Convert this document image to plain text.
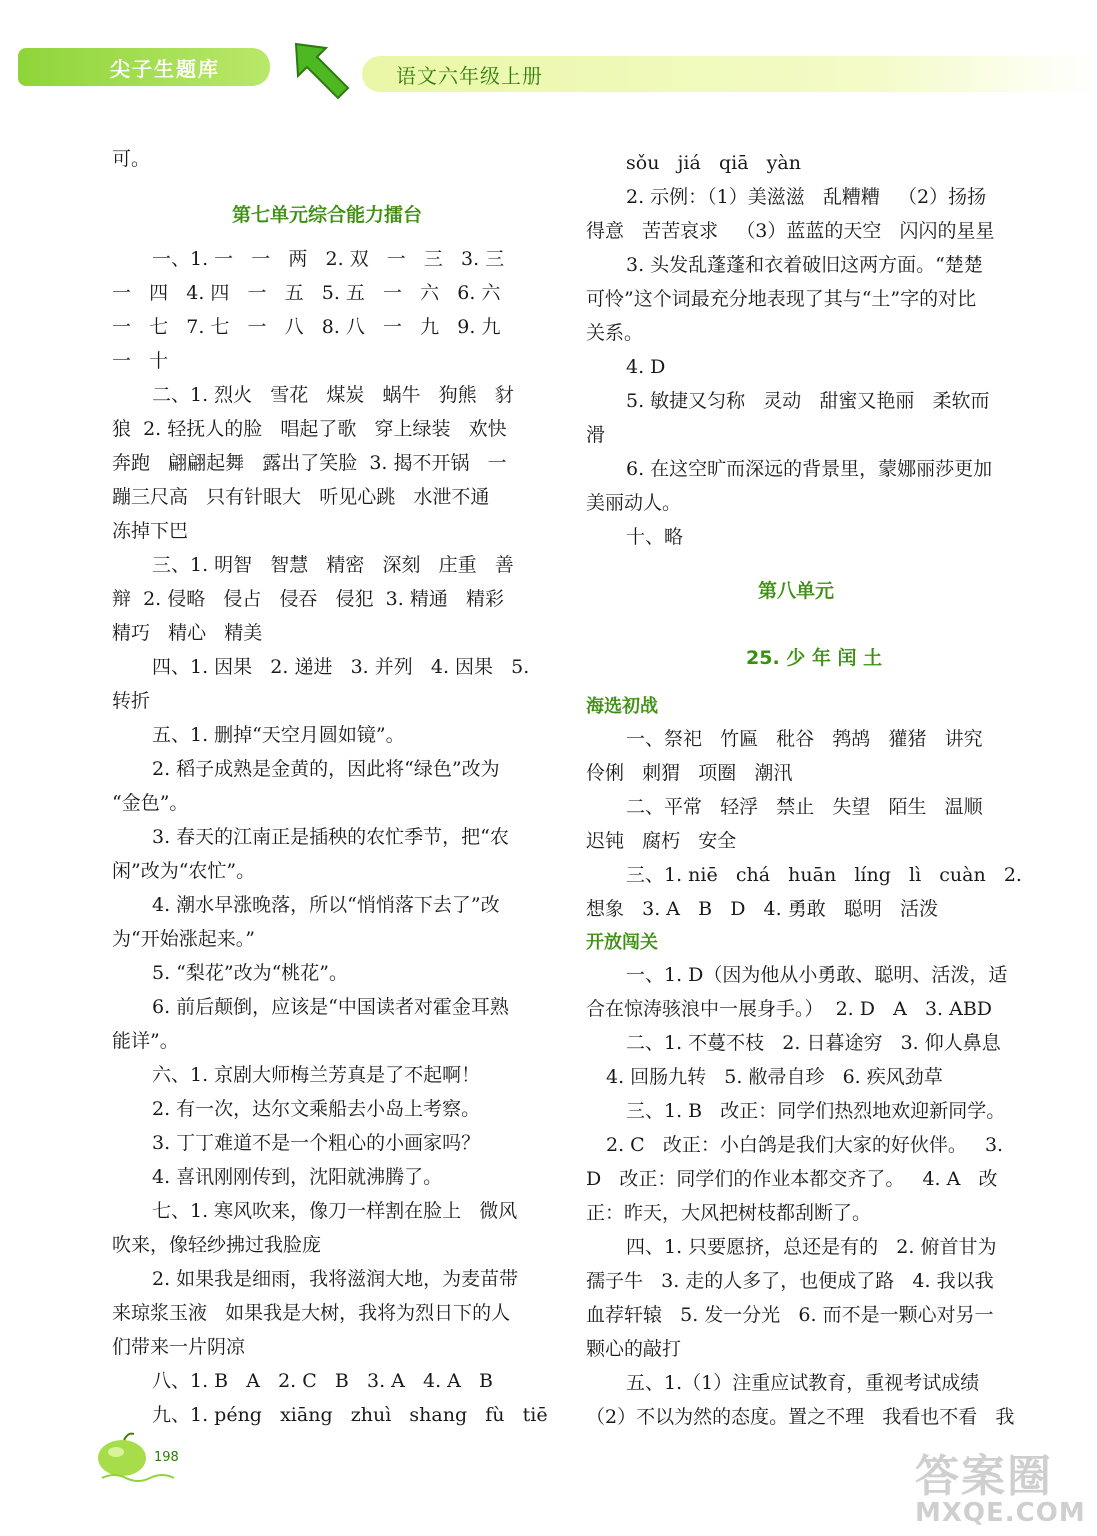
尖子生题库	语文六年级上册
可。
第七单元综合能力擂台
一、1. 一   一   两   2. 双   一   三   3. 三
一   四   4. 四   一   五   5. 五   一   六   6. 六
一   七   7. 七   一   八   8. 八   一   九   9. 九
一   十
二、1. 烈火   雪花   煤炭   蜗牛   狗熊   豺
狼  2. 轻抚人的脸   唱起了歌   穿上绿装   欢快
奔跑   翩翩起舞   露出了笑脸  3. 揭不开锅   一
蹦三尺高   只有针眼大   听见心跳   水泄不通
冻掉下巴
三、1. 明智   智慧   精密   深刻   庄重   善
辩  2. 侵略   侵占   侵吞   侵犯  3. 精通   精彩
精巧   精心   精美
四、1. 因果   2. 递进   3. 并列   4. 因果   5.
转折
五、1. 删掉“天空月圆如镜”。
2. 稻子成熟是金黄的，因此将“绿色”改为
“金色”。
3. 春天的江南正是插秧的农忙季节，把“农
闲”改为“农忙”。
4. 潮水早涨晚落，所以“悄悄落下去了”改
为“开始涨起来。”
5. “梨花”改为“桃花”。
6. 前后颠倒，应该是“中国读者对霍金耳熟
能详”。
六、1. 京剧大师梅兰芳真是了不起啊！
2. 有一次，达尔文乘船去小岛上考察。
3. 丁丁难道不是一个粗心的小画家吗？
4. 喜讯刚刚传到，沈阳就沸腾了。
七、1. 寒风吹来，像刀一样割在脸上   微风
吹来，像轻纱拂过我脸庞
2. 如果我是细雨，我将滋润大地，为麦苗带
来琼浆玉液   如果我是大树，我将为烈日下的人
们带来一片阴凉
八、1. B   A   2. C   B   3. A   4. A   B
九、1. péng   xiāng   zhuì   shang   fù   tiē
sǒu   jiá   qiā   yàn
2. 示例：（1）美滋滋   乱糟糟   （2）扬扬
得意   苦苦哀求   （3）蓝蓝的天空   闪闪的星星
3. 头发乱蓬蓬和衣着破旧这两方面。“楚楚
可怜”这个词最充分地表现了其与“土”字的对比
关系。
4. D
5. 敏捷又匀称   灵动   甜蜜又艳丽   柔软而
滑
6. 在这空旷而深远的背景里，蒙娜丽莎更加
美丽动人。
十、略
第八单元
25. 少 年 闰 土
海选初战
一、祭祀   竹匾   秕谷   鹁鸪   獾猪   讲究
伶俐   刺猬   项圈   潮汛
二、平常   轻浮   禁止   失望   陌生   温顺
迟钝   腐朽   安全
三、1. niē   chá   huān   líng   lì   cuàn   2.
想象   3. A   B   D   4. 勇敢   聪明   活泼
开放闯关
一、1. D（因为他从小勇敢、聪明、活泼，适
合在惊涛骇浪中一展身手。）  2. D   A   3. ABD
二、1. 不蔓不枝   2. 日暮途穷   3. 仰人鼻息
4. 回肠九转   5. 敝帚自珍   6. 疾风劲草
三、1. B   改正：同学们热烈地欢迎新同学。
2. C   改正：小白鸽是我们大家的好伙伴。   3.
D   改正：同学们的作业本都交齐了。   4. A   改
正：昨天，大风把树枝都刮断了。
四、1. 只要愿挤，总还是有的   2. 俯首甘为
孺子牛   3. 走的人多了，也便成了路   4. 我以我
血荐轩辕   5. 发一分光   6. 而不是一颗心对另一
颗心的敲打
五、1.（1）注重应试教育，重视考试成绩
（2）不以为然的态度。置之不理   我看也不看   我
198	答案圈
MXQE.COM
